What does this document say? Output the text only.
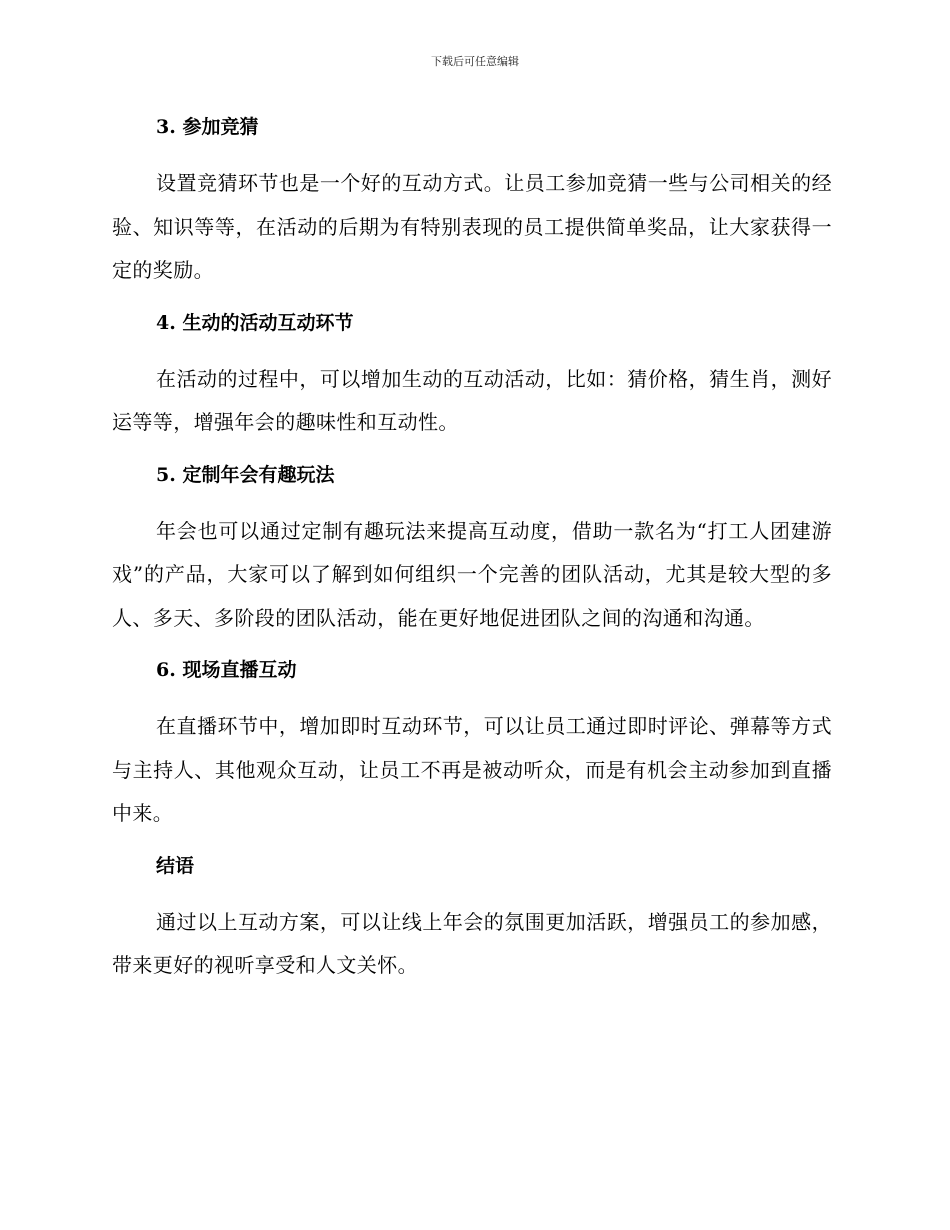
下载后可任意编辑
3. 参加竞猜

设置竞猜环节也是一个好的互动方式。让员工参加竞猜一些与公司相关的经验、知识等等，在活动的后期为有特别表现的员工提供简单奖品，让大家获得一定的奖励。

4. 生动的活动互动环节

在活动的过程中，可以增加生动的互动活动，比如：猜价格，猜生肖，测好运等等，增强年会的趣味性和互动性。

5. 定制年会有趣玩法

年会也可以通过定制有趣玩法来提高互动度，借助一款名为“打工人团建游戏”的产品，大家可以了解到如何组织一个完善的团队活动，尤其是较大型的多人、多天、多阶段的团队活动，能在更好地促进团队之间的沟通和沟通。

6. 现场直播互动

在直播环节中，增加即时互动环节，可以让员工通过即时评论、弹幕等方式与主持人、其他观众互动，让员工不再是被动听众，而是有机会主动参加到直播中来。

结语

通过以上互动方案，可以让线上年会的氛围更加活跃，增强员工的参加感，带来更好的视听享受和人文关怀。
